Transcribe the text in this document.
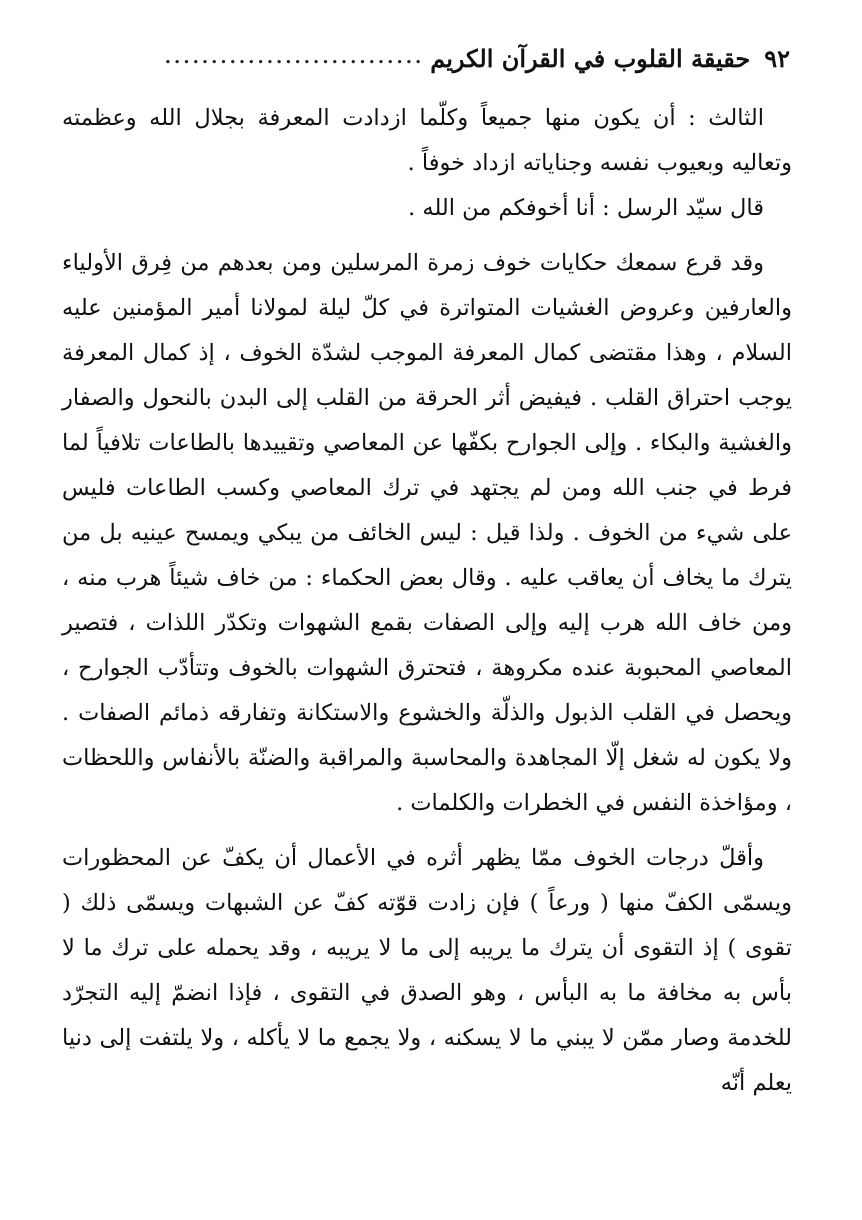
٩٢
حقيقة القلوب في القرآن الكريم
............................

الثالث : أن يكون منها جميعاً وكلّما ازدادت المعرفة بجلال الله وعظمته وتعاليه وبعيوب نفسه وجناياته ازداد خوفاً .

قال سيّد الرسل : أنا أخوفكم من الله .

وقد قرع سمعك حكايات خوف زمرة المرسلين ومن بعدهم من فِرق الأولياء والعارفين وعروض الغشيات المتواترة في كلّ ليلة لمولانا أمير المؤمنين عليه السلام ، وهذا مقتضى كمال المعرفة الموجب لشدّة الخوف ، إذ كمال المعرفة يوجب احتراق القلب . فيفيض أثر الحرقة من القلب إلى البدن بالنحول والصفار والغشية والبكاء . وإلى الجوارح بكفّها عن المعاصي وتقييدها بالطاعات تلافياً لما فرط في جنب الله ومن لم يجتهد في ترك المعاصي وكسب الطاعات فليس على شيء من الخوف . ولذا قيل : ليس الخائف من يبكي ويمسح عينيه بل من يترك ما يخاف أن يعاقب عليه . وقال بعض الحكماء : من خاف شيئاً هرب منه ، ومن خاف الله هرب إليه وإلى الصفات بقمع الشهوات وتكدّر اللذات ، فتصير المعاصي المحبوبة عنده مكروهة ، فتحترق الشهوات بالخوف وتتأدّب الجوارح ، ويحصل في القلب الذبول والذلّة والخشوع والاستكانة وتفارقه ذمائم الصفات . ولا يكون له شغل إلّا المجاهدة والمحاسبة والمراقبة والضنّة بالأنفاس واللحظات ، ومؤاخذة النفس في الخطرات والكلمات .

وأقلّ درجات الخوف ممّا يظهر أثره في الأعمال أن يكفّ عن المحظورات ويسمّى الكفّ منها ( ورعاً ) فإن زادت قوّته كفّ عن الشبهات ويسمّى ذلك ( تقوى ) إذ التقوى أن يترك ما يريبه إلى ما لا يريبه ، وقد يحمله على ترك ما لا بأس به مخافة ما به البأس ، وهو الصدق في التقوى ، فإذا انضمّ إليه التجرّد للخدمة وصار ممّن لا يبني ما لا يسكنه ، ولا يجمع ما لا يأكله ، ولا يلتفت إلى دنيا يعلم أنّه
